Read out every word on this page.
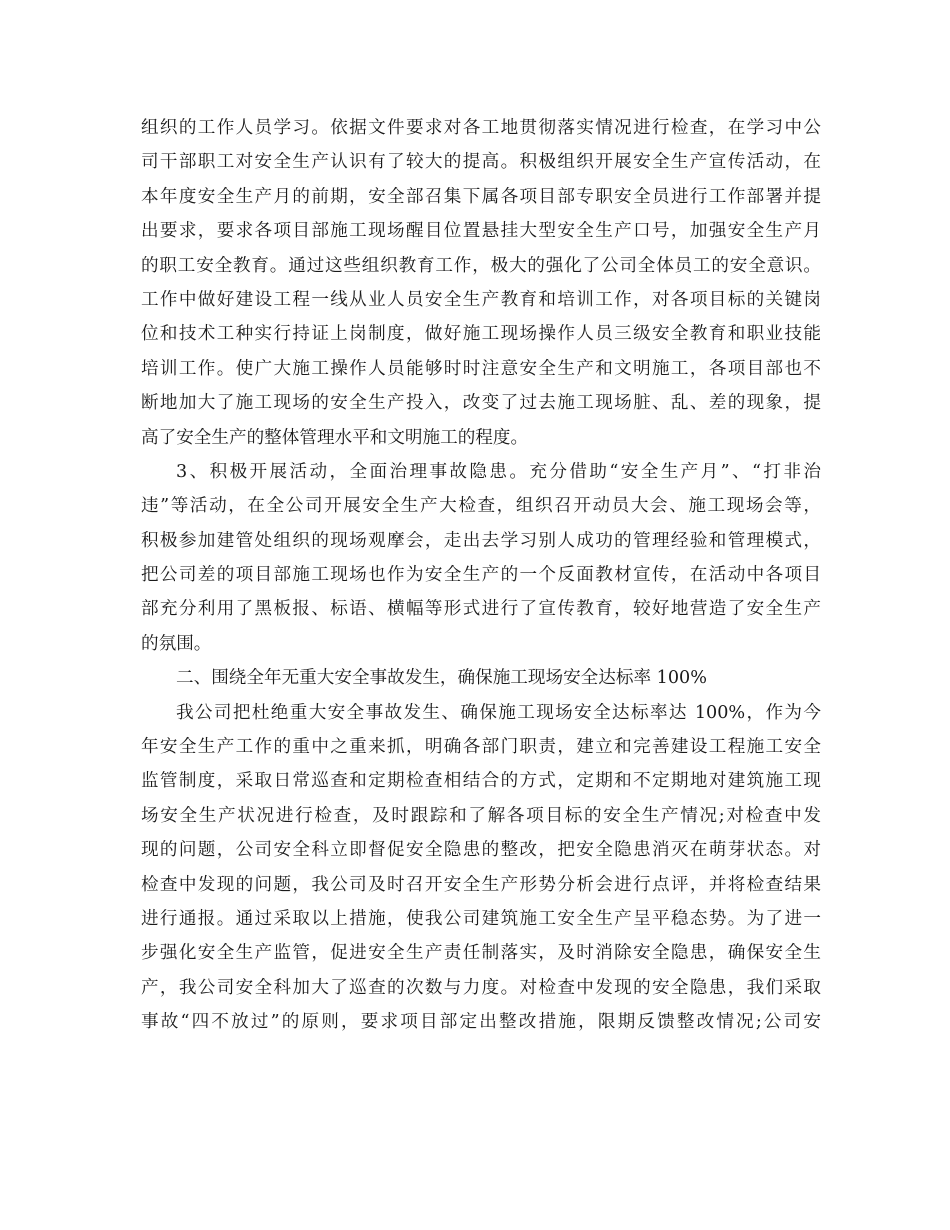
组织的工作人员学习。依据文件要求对各工地贯彻落实情况进行检查，在学习中公
司干部职工对安全生产认识有了较大的提高。积极组织开展安全生产宣传活动，在
本年度安全生产月的前期，安全部召集下属各项目部专职安全员进行工作部署并提
出要求，要求各项目部施工现场醒目位置悬挂大型安全生产口号，加强安全生产月
的职工安全教育。通过这些组织教育工作，极大的强化了公司全体员工的安全意识。
工作中做好建设工程一线从业人员安全生产教育和培训工作，对各项目标的关键岗
位和技术工种实行持证上岗制度，做好施工现场操作人员三级安全教育和职业技能
培训工作。使广大施工操作人员能够时时注意安全生产和文明施工，各项目部也不
断地加大了施工现场的安全生产投入，改变了过去施工现场脏、乱、差的现象，提
高了安全生产的整体管理水平和文明施工的程度。
3、积极开展活动，全面治理事故隐患。充分借助“安全生产月”、“打非治
违”等活动，在全公司开展安全生产大检查，组织召开动员大会、施工现场会等，
积极参加建管处组织的现场观摩会，走出去学习别人成功的管理经验和管理模式，
把公司差的项目部施工现场也作为安全生产的一个反面教材宣传，在活动中各项目
部充分利用了黑板报、标语、横幅等形式进行了宣传教育，较好地营造了安全生产
的氛围。
二、围绕全年无重大安全事故发生，确保施工现场安全达标率 100%
我公司把杜绝重大安全事故发生、确保施工现场安全达标率达 100%，作为今
年安全生产工作的重中之重来抓，明确各部门职责，建立和完善建设工程施工安全
监管制度，采取日常巡查和定期检查相结合的方式，定期和不定期地对建筑施工现
场安全生产状况进行检查，及时跟踪和了解各项目标的安全生产情况;对检查中发
现的问题，公司安全科立即督促安全隐患的整改，把安全隐患消灭在萌芽状态。对
检查中发现的问题，我公司及时召开安全生产形势分析会进行点评，并将检查结果
进行通报。通过采取以上措施，使我公司建筑施工安全生产呈平稳态势。为了进一
步强化安全生产监管，促进安全生产责任制落实，及时消除安全隐患，确保安全生
产，我公司安全科加大了巡查的次数与力度。对检查中发现的安全隐患，我们采取
事故“四不放过”的原则，要求项目部定出整改措施，限期反馈整改情况;公司安
